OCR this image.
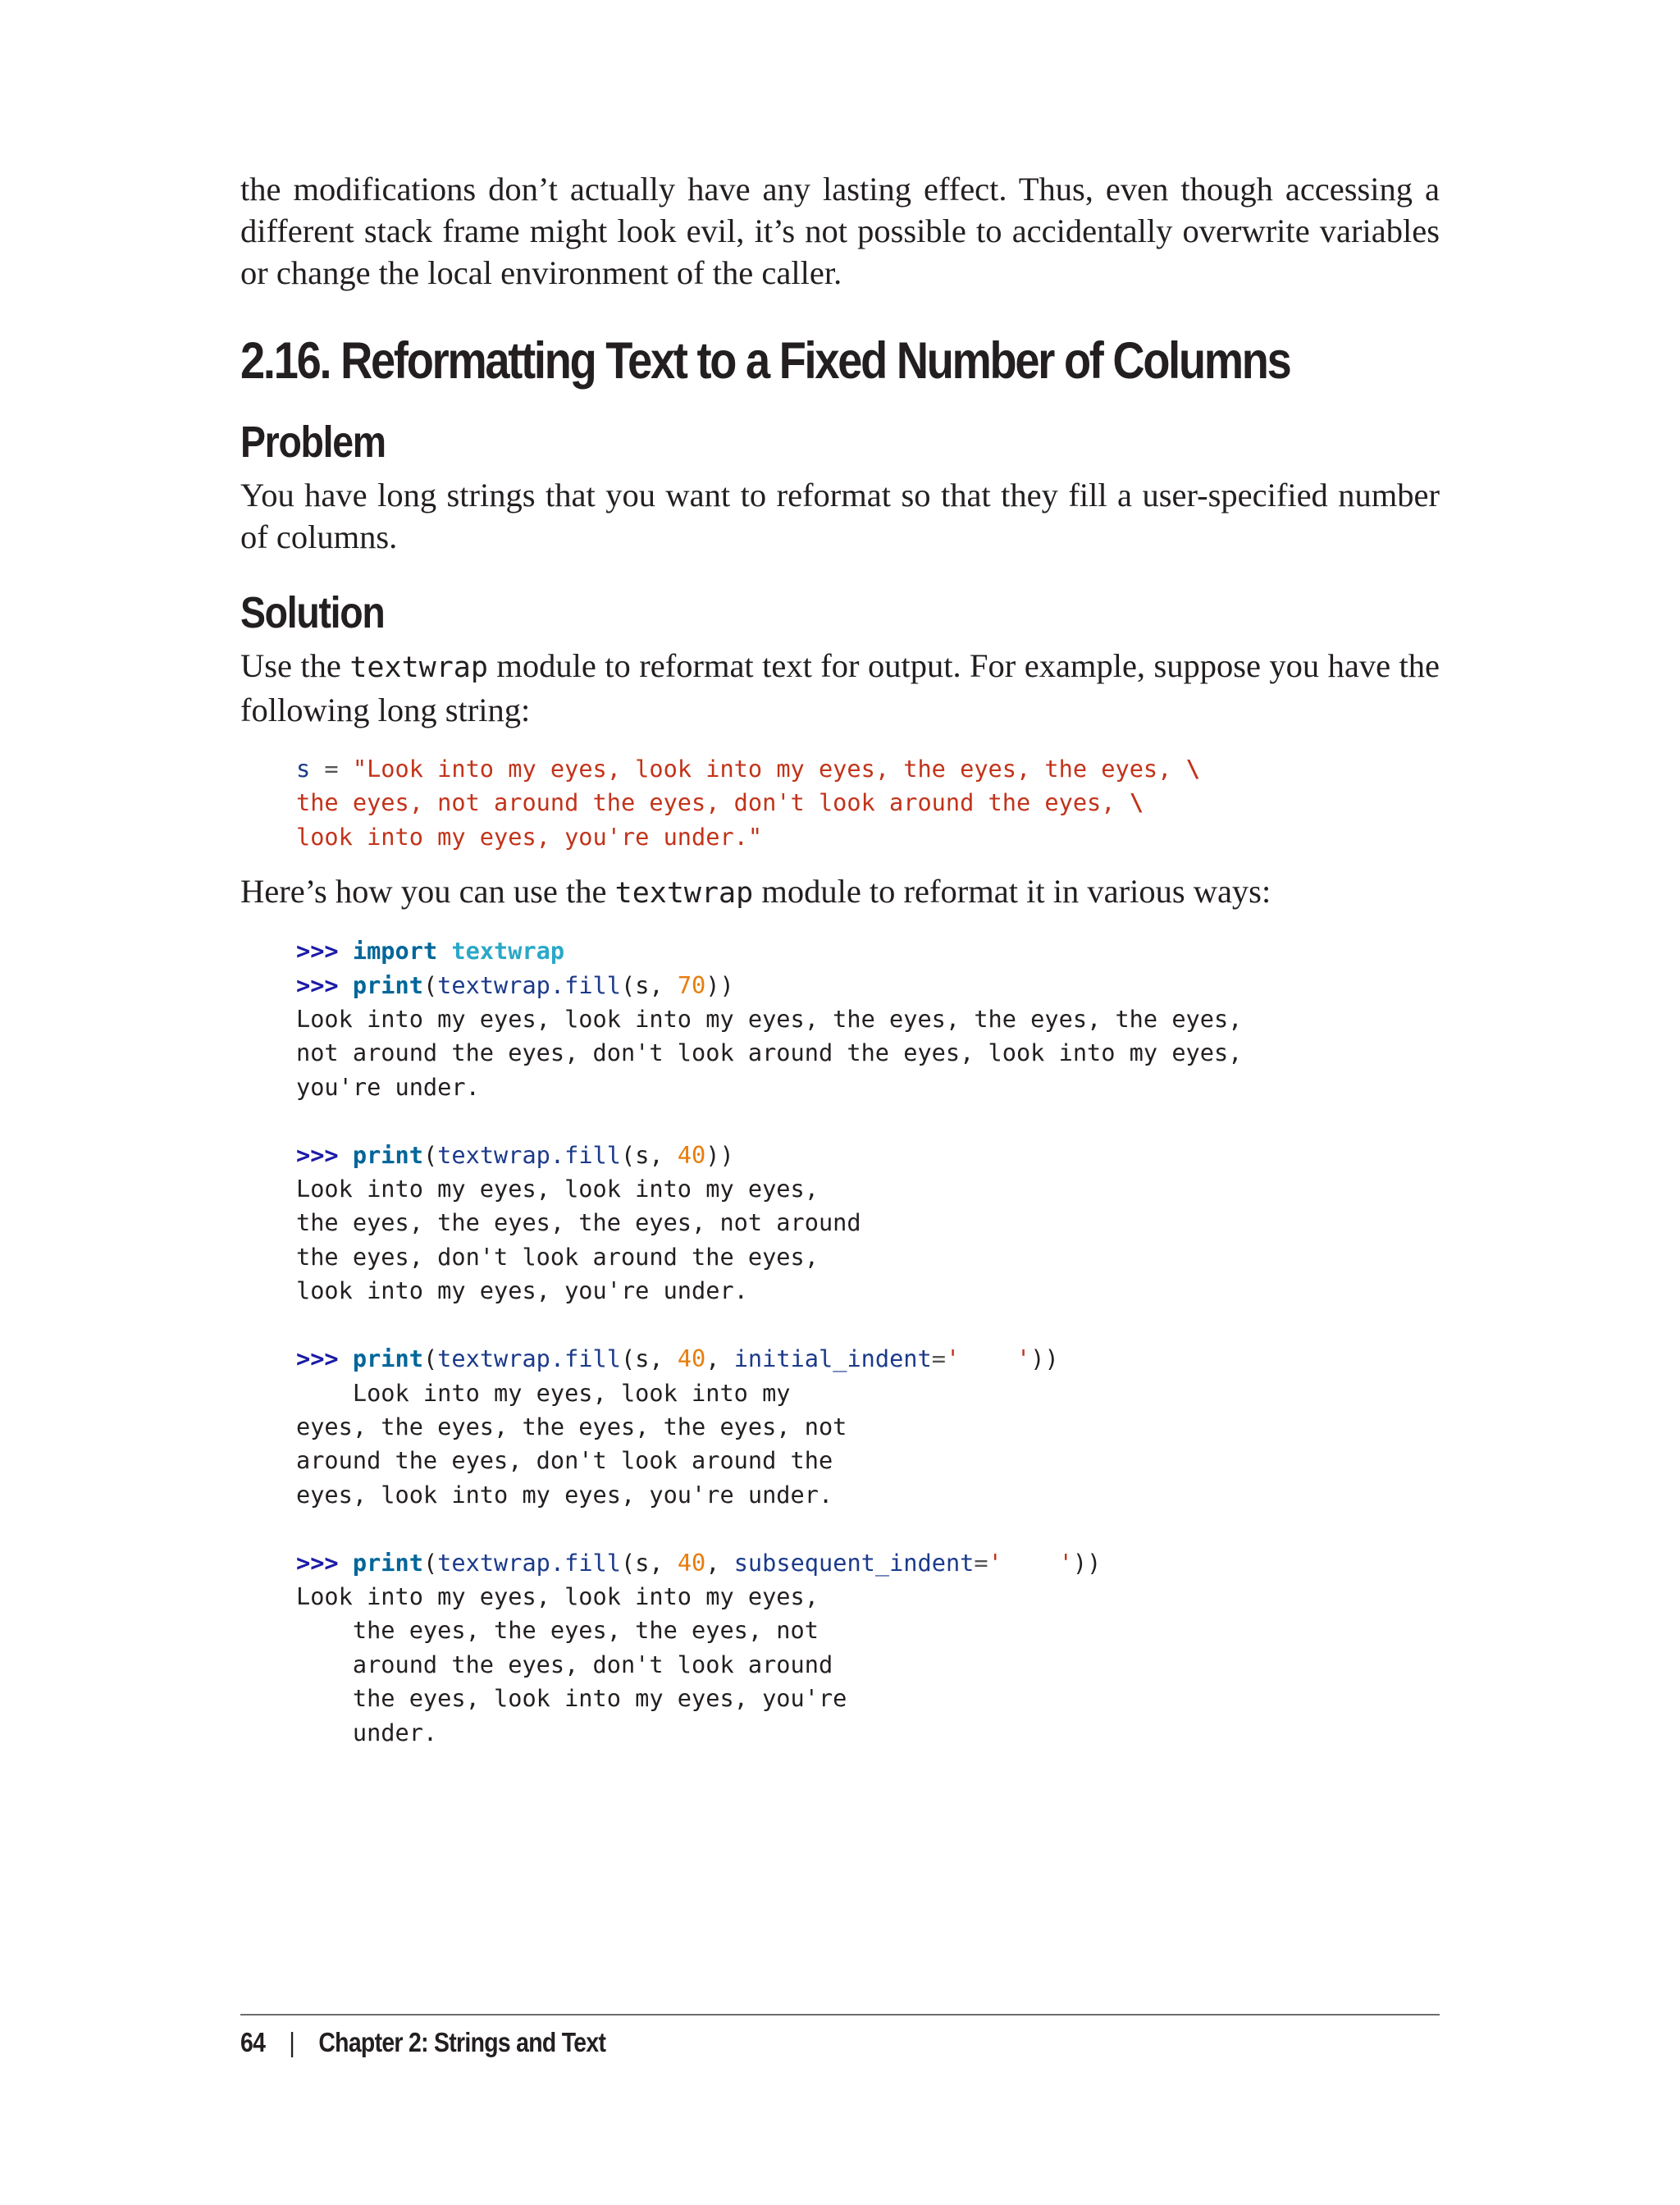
the modifications don’t actually have any lasting effect. Thus, even though accessing a different stack frame might look evil, it’s not possible to accidentally overwrite variables or change the local environment of the caller.

2.16. Reformatting Text to a Fixed Number of Columns
Problem

You have long strings that you want to reformat so that they fill a user-specified number of columns.

Solution

Use the textwrap module to reformat text for output. For example, suppose you have the following long string:

s = "Look into my eyes, look into my eyes, the eyes, the eyes, \
the eyes, not around the eyes, don't look around the eyes, \
look into my eyes, you're under."

Here’s how you can use the textwrap module to reformat it in various ways:

>>> import textwrap
>>> print(textwrap.fill(s, 70))
Look into my eyes, look into my eyes, the eyes, the eyes, the eyes,
not around the eyes, don't look around the eyes, look into my eyes,
you're under.

>>> print(textwrap.fill(s, 40))
Look into my eyes, look into my eyes,
the eyes, the eyes, the eyes, not around
the eyes, don't look around the eyes,
look into my eyes, you're under.

>>> print(textwrap.fill(s, 40, initial_indent='    '))
Look into my eyes, look into my
eyes, the eyes, the eyes, the eyes, not
around the eyes, don't look around the
eyes, look into my eyes, you're under.

>>> print(textwrap.fill(s, 40, subsequent_indent='    '))
Look into my eyes, look into my eyes,
the eyes, the eyes, the eyes, not
around the eyes, don't look around
the eyes, look into my eyes, you're
under.
64 | Chapter 2: Strings and Text
